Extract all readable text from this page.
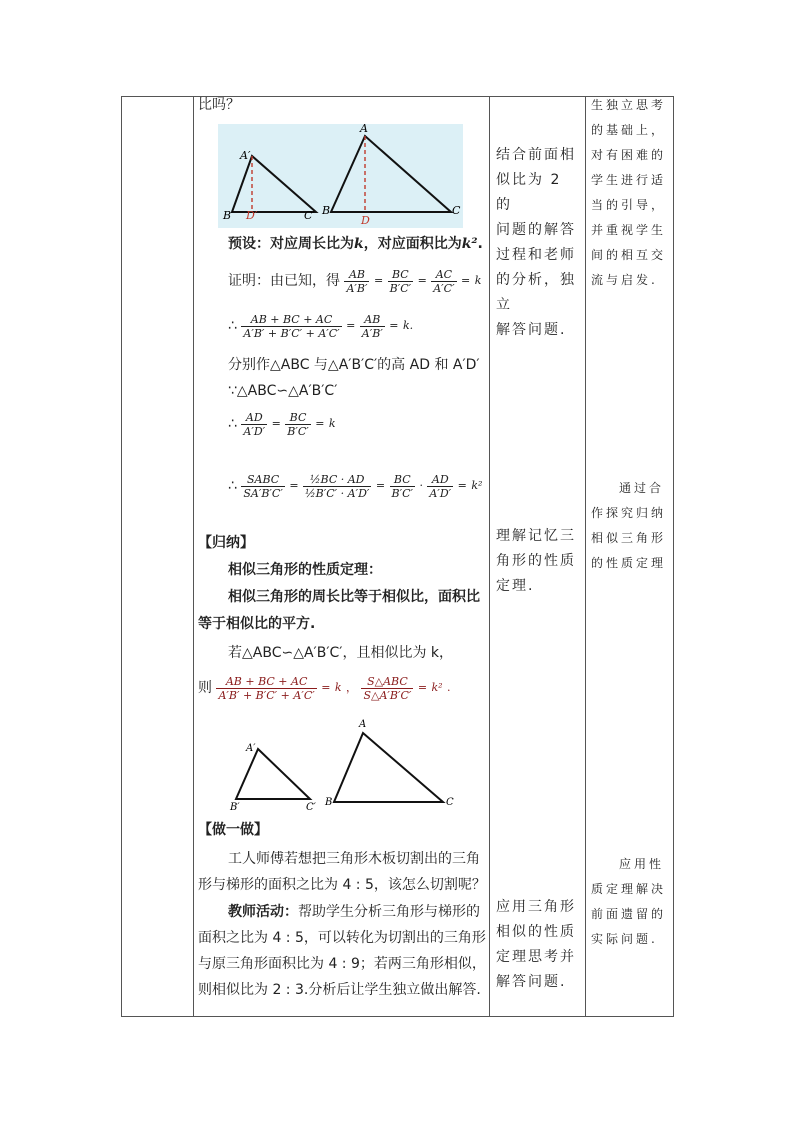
比吗？
A′
B′ D′	C′
A
B
D
C
预设：对应周长比为k，对应面积比为k².
证明：由已知，得 $\frac{AB}{A'B'} = \frac{BC}{B'C'} = \frac{AC}{A'C'} = k$
∴ $\frac{AB + BC + AC}{A'B' + B'C' + A'C'} = \frac{AB}{A'B'} = k$.
分别作△ABC 与△A′B′C′的高 AD 和 A′D′
∵△ABC∽△A′B′C′
∴ $\frac{AD}{A'D'} = \frac{BC}{B'C'} = k$
∴ $\frac{\text{SABC}}{SA'B'C'} = \frac{\text{½BC · AD}}{\text{½B′C′ · A′D′}} = \frac{BC}{B'C'} \cdot \frac{AD}{A'D'} = k^2$
【归纳】
相似三角形的性质定理：
相似三角形的周长比等于相似比，面积比
等于相似比的平方.
若△ABC∽△A′B′C′，且相似比为 k，
则 $\frac{AB + BC + AC}{A'B' + B'C' + A'C'} = k$ ， $\frac{\text{S△ABC}}{S\triangle A'B'C'} = k^2$ .
A′
B′	C′
A
B	C
【做一做】
工人师傅若想把三角形木板切割出的三角
形与梯形的面积之比为 4 : 5，该怎么切割呢？
教师活动：帮助学生分析三角形与梯形的
面积之比为 4 : 5，可以转化为切割出的三角形
与原三角形面积比为 4 : 9；若两三角形相似，
则相似比为 2 : 3.分析后让学生独立做出解答.
结合前面相
似比为 2 的
问题的解答
过程和老师
的分析，独立
解答问题.
理解记忆三
角形的性质
定理.
应用三角形
相似的性质
定理思考并
解答问题.
生独立思考
的基础上，
对有困难的
学生进行适
当的引导，
并重视学生
间的相互交
流与启发.
通过合
作探究归纳
相似三角形
的性质定理
应用性
质定理解决
前面遗留的
实际问题.
